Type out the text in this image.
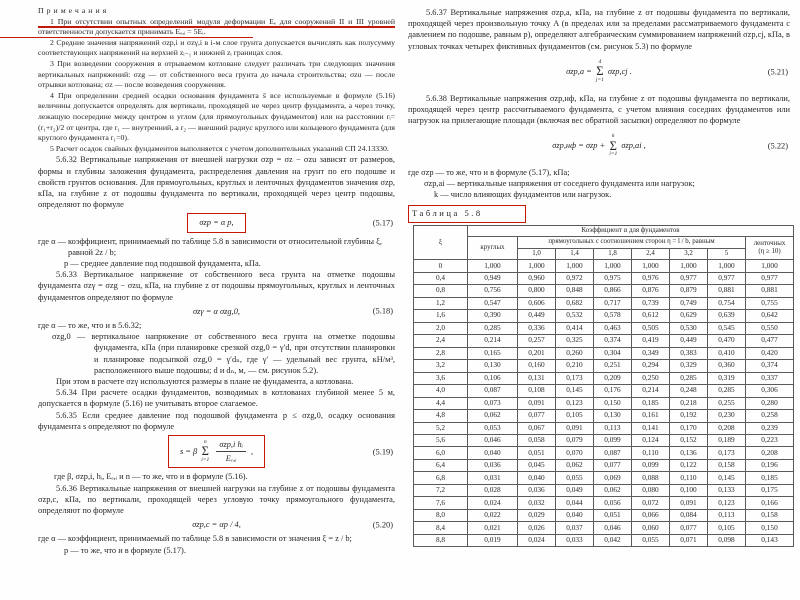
Примечания
1 При отсутствии опытных определений модуля деформации Eₑ для сооружений II и III уровней ответственности допускается принимать Eₑ,ᵢ = 5Eᵢ.
2 Средние значения напряжений σzp,i и σzγ,i в i-м слое грунта допускается вычислять как полусумму соответствующих напряжений на верхней zᵢ₋₁ и нижней zᵢ границах слоя.
3 При возведении сооружения в отрываемом котловане следует различать три следующих значения вертикальных напряжений: σzg — от собственного веса грунта до начала строительства; σzu — после отрывки котлована; σz — после возведения сооружения.
4 При определении средней осадки основания фундамента s̄ все используемые в формуле (5.16) величины допускается определять для вертикали, проходящей не через центр фундамента, а через точку, лежащую посередине между центром и углом (для прямоугольных фундаментов) или на расстоянии rᵢ=(r₁+r₂)/2 от центра, где r₁ — внутренний, а r₂ — внешний радиус круглого или кольцевого фундамента (для круглого фундамента r₁=0).
5 Расчет осадок свайных фундаментов выполняется с учетом дополнительных указаний СП 24.13330.
5.6.32 Вертикальные напряжения от внешней нагрузки σzp = σz − σzu зависят от размеров, формы и глубины заложения фундамента, распределения давления на грунт по его подошве и свойств грунтов основания. Для прямоугольных, круглых и ленточных фундаментов значения σzp, кПа, на глубине z от подошвы фундамента по вертикали, проходящей через центр подошвы, определяют по формуле
σzp = α p,	(5.17)
где α — коэффициент, принимаемый по таблице 5.8 в зависимости от относительной глубины ξ, равной 2z / b;
p — среднее давление под подошвой фундамента, кПа.
5.6.33 Вертикальное напряжение от собственного веса грунта на отметке подошвы фундамента σzγ = σzg − σzu, кПа, на глубине z от подошвы прямоугольных, круглых и ленточных фундаментов определяют по формуле
σzγ = α σzg,0,	(5.18)
где α — то же, что и в 5.6.32;
σzg,0 — вертикальное напряжение от собственного веса грунта на отметке подошвы фундамента, кПа (при планировке срезкой σzg,0 = γ′d, при отсутствии планировки и планировке подсыпкой σzg,0 = γ′dₙ, где γ′ — удельный вес грунта, кН/м³, расположенного выше подошвы; d и dₙ, м, — см. рисунок 5.2).
При этом в расчете σzγ используются размеры в плане не фундамента, а котлована.
5.6.34 При расчете осадки фундаментов, возводимых в котлованах глубиной менее 5 м, допускается в формуле (5.16) не учитывать второе слагаемое.
5.6.35 Если среднее давление под подошвой фундамента p ≤ σzg,0, осадку основания фундамента s определяют по формуле
s = β
n
Σ
i=1
σzp,i hᵢ
Eₑ,ᵢ
,	(5.19)
где β, σzp,i, hᵢ, Eₑ,ᵢ и n — то же, что и в формуле (5.16).
5.6.36 Вертикальные напряжения от внешней нагрузки на глубине z от подошвы фундамента σzp,c, кПа, по вертикали, проходящей через угловую точку прямоугольного фундамента, определяют по формуле
σzp,c = αp / 4,	(5.20)
где α — коэффициент, принимаемый по таблице 5.8 в зависимости от значения ξ = z / b;
p — то же, что и в формуле (5.17).
5.6.37 Вертикальные напряжения σzp,a, кПа, на глубине z от подошвы фундамента по вертикали, проходящей через произвольную точку A (в пределах или за пределами рассматриваемого фундамента с давлением по подошве, равным p), определяют алгебраическим суммированием напряжений σzp,cj, кПа, в угловых точках четырех фиктивных фундаментов (см. рисунок 5.3) по формуле
σzp,a =
4
Σ
j=1
σzp,cj .	(5.21)
5.6.38 Вертикальные напряжения σzp,нф, кПа, на глубине z от подошвы фундамента по вертикали, проходящей через центр рассчитываемого фундамента, с учетом влияния соседних фундаментов или нагрузок на прилегающие площади (включая вес обратной засыпки) определяют по формуле
σzp,нф = σzp +
k
Σ
i=1
σzp,аi ,	(5.22)
где σzp — то же, что и в формуле (5.17), кПа;
σzp,аi — вертикальные напряжения от соседнего фундамента или нагрузок;
k — число влияющих фундаментов или нагрузок.
Таблица 5.8
ξ	Коэффициент α для фундаментов							
	круглых	прямоугольных с соотношением сторон η = l / b, равным						ленточных
(η ≥ 10)
		1,0	1,4	1,8	2,4	3,2	5	
0	1,000	1,000	1,000	1,000	1,000	1,000	1,000	1,000
0,4	0,949	0,960	0,972	0,975	0,976	0,977	0,977	0,977
0,8	0,756	0,800	0,848	0,866	0,876	0,879	0,881	0,881
1,2	0,547	0,606	0,682	0,717	0,739	0,749	0,754	0,755
1,6	0,390	0,449	0,532	0,578	0,612	0,629	0,639	0,642
2,0	0,285	0,336	0,414	0,463	0,505	0,530	0,545	0,550
2,4	0,214	0,257	0,325	0,374	0,419	0,449	0,470	0,477
2,8	0,165	0,201	0,260	0,304	0,349	0,383	0,410	0,420
3,2	0,130	0,160	0,210	0,251	0,294	0,329	0,360	0,374
3,6	0,106	0,131	0,173	0,209	0,250	0,285	0,319	0,337
4,0	0,087	0,108	0,145	0,176	0,214	0,248	0,285	0,306
4,4	0,073	0,091	0,123	0,150	0,185	0,218	0,255	0,280
4,8	0,062	0,077	0,105	0,130	0,161	0,192	0,230	0,258
5,2	0,053	0,067	0,091	0,113	0,141	0,170	0,208	0,239
5,6	0,046	0,058	0,079	0,099	0,124	0,152	0,189	0,223
6,0	0,040	0,051	0,070	0,087	0,110	0,136	0,173	0,208
6,4	0,036	0,045	0,062	0,077	0,099	0,122	0,158	0,196
6,8	0,031	0,040	0,055	0,069	0,088	0,110	0,145	0,185
7,2	0,028	0,036	0,049	0,062	0,080	0,100	0,133	0,175
7,6	0,024	0,032	0,044	0,056	0,072	0,091	0,123	0,166
8,0	0,022	0,029	0,040	0,051	0,066	0,084	0,113	0,158
8,4	0,021	0,026	0,037	0,046	0,060	0,077	0,105	0,150
8,8	0,019	0,024	0,033	0,042	0,055	0,071	0,098	0,143
